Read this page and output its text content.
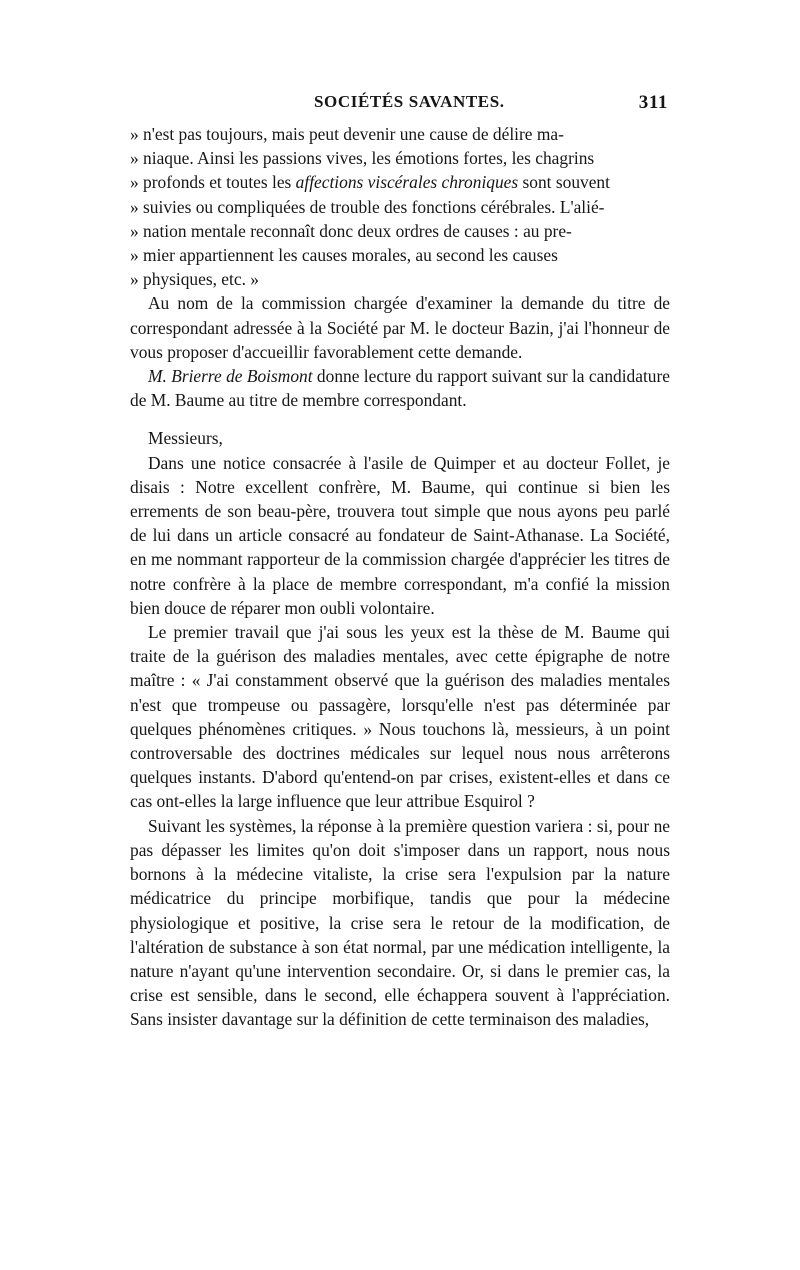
SOCIÉTÉS SAVANTES.	311

» n'est pas toujours, mais peut devenir une cause de délire ma-

» niaque. Ainsi les passions vives, les émotions fortes, les chagrins

» profonds et toutes les affections viscérales chroniques sont souvent

» suivies ou compliquées de trouble des fonctions cérébrales. L'alié-

» nation mentale reconnaît donc deux ordres de causes : au pre-

» mier appartiennent les causes morales, au second les causes

» physiques, etc. »

Au nom de la commission chargée d'examiner la demande du titre de correspondant adressée à la Société par M. le docteur Bazin, j'ai l'honneur de vous proposer d'accueillir favorablement cette demande.

M. Brierre de Boismont donne lecture du rapport suivant sur la candidature de M. Baume au titre de membre correspondant.

Messieurs,

Dans une notice consacrée à l'asile de Quimper et au docteur Follet, je disais : Notre excellent confrère, M. Baume, qui continue si bien les errements de son beau-père, trouvera tout simple que nous ayons peu parlé de lui dans un article consacré au fondateur de Saint-Athanase. La Société, en me nommant rapporteur de la commission chargée d'apprécier les titres de notre confrère à la place de membre correspondant, m'a confié la mission bien douce de réparer mon oubli volontaire.

Le premier travail que j'ai sous les yeux est la thèse de M. Baume qui traite de la guérison des maladies mentales, avec cette épigraphe de notre maître : « J'ai constamment observé que la guérison des maladies mentales n'est que trompeuse ou passagère, lorsqu'elle n'est pas déterminée par quelques phénomènes critiques. » Nous touchons là, messieurs, à un point controversable des doctrines médicales sur lequel nous nous arrêterons quelques instants. D'abord qu'entend-on par crises, existent-elles et dans ce cas ont-elles la large influence que leur attribue Esquirol ?

Suivant les systèmes, la réponse à la première question variera : si, pour ne pas dépasser les limites qu'on doit s'imposer dans un rapport, nous nous bornons à la médecine vitaliste, la crise sera l'expulsion par la nature médicatrice du principe morbifique, tandis que pour la médecine physiologique et positive, la crise sera le retour de la modification, de l'altération de substance à son état normal, par une médication intelligente, la nature n'ayant qu'une intervention secondaire. Or, si dans le premier cas, la crise est sensible, dans le second, elle échappera souvent à l'appréciation. Sans insister davantage sur la définition de cette terminaison des maladies,
